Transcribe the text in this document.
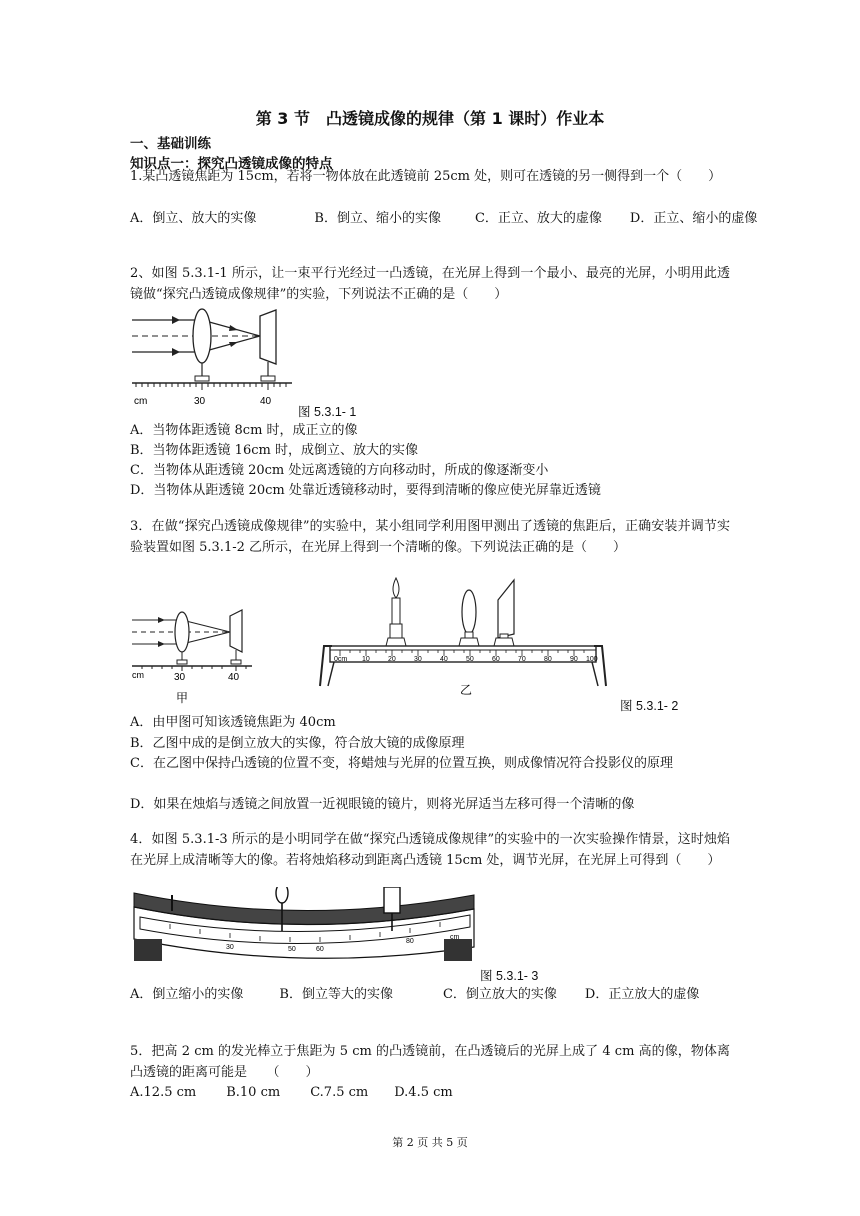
第 3 节　凸透镜成像的规律（第 1 课时）作业本
一、基础训练
知识点一：探究凸透镜成像的特点
1.某凸透镜焦距为 15cm，若将一物体放在此透镜前 25cm 处，则可在透镜的另一侧得到一个（　　）
A．倒立、放大的实像	B．倒立、缩小的实像	C．正立、放大的虚像 D．正立、缩小的虚像
2、如图 5.3.1-1 所示，让一束平行光经过一凸透镜，在光屏上得到一个最小、最亮的光屏，小明用此透镜做“探究凸透镜成像规律”的实验，下列说法不正确的是（　　）
cm	30	40
图 5.3.1- 1
A．当物体距透镜 8cm 时，成正立的像
B．当物体距透镜 16cm 时，成倒立、放大的实像
C．当物体从距透镜 20cm 处远离透镜的方向移动时，所成的像逐渐变小
D．当物体从距透镜 20cm 处靠近透镜移动时，要得到清晰的像应使光屏靠近透镜
3．在做“探究凸透镜成像规律”的实验中，某小组同学利用图甲测出了透镜的焦距后，正确安装并调节实验装置如图 5.3.1-2 乙所示，在光屏上得到一个清晰的像。下列说法正确的是（　　）
cm	30	40
甲
0cm 10	20	30	40	50	60	70	80	90 100
乙
图 5.3.1- 2
A．由甲图可知该透镜焦距为 40cm
B．乙图中成的是倒立放大的实像，符合放大镜的成像原理
C．在乙图中保持凸透镜的位置不变，将蜡烛与光屏的位置互换，则成像情况符合投影仪的原理
D．如果在烛焰与透镜之间放置一近视眼镜的镜片，则将光屏适当左移可得一个清晰的像
4．如图 5.3.1-3 所示的是小明同学在做“探究凸透镜成像规律”的实验中的一次实验操作情景，这时烛焰在光屏上成清晰等大的像。若将烛焰移动到距离凸透镜 15cm 处，调节光屏，在光屏上可得到（　　）
30	50	60
80
cm
图 5.3.1- 3
A．倒立缩小的实像	B．倒立等大的实像	C．倒立放大的实像 D．正立放大的虚像
5．把高 2 cm 的发光棒立于焦距为 5 cm 的凸透镜前，在凸透镜后的光屏上成了 4 cm 高的像，物体离凸透镜的距离可能是　　（　　）
A.12.5 cm B.10 cm C.7.5 cm D.4.5 cm
第 2 页 共 5 页
